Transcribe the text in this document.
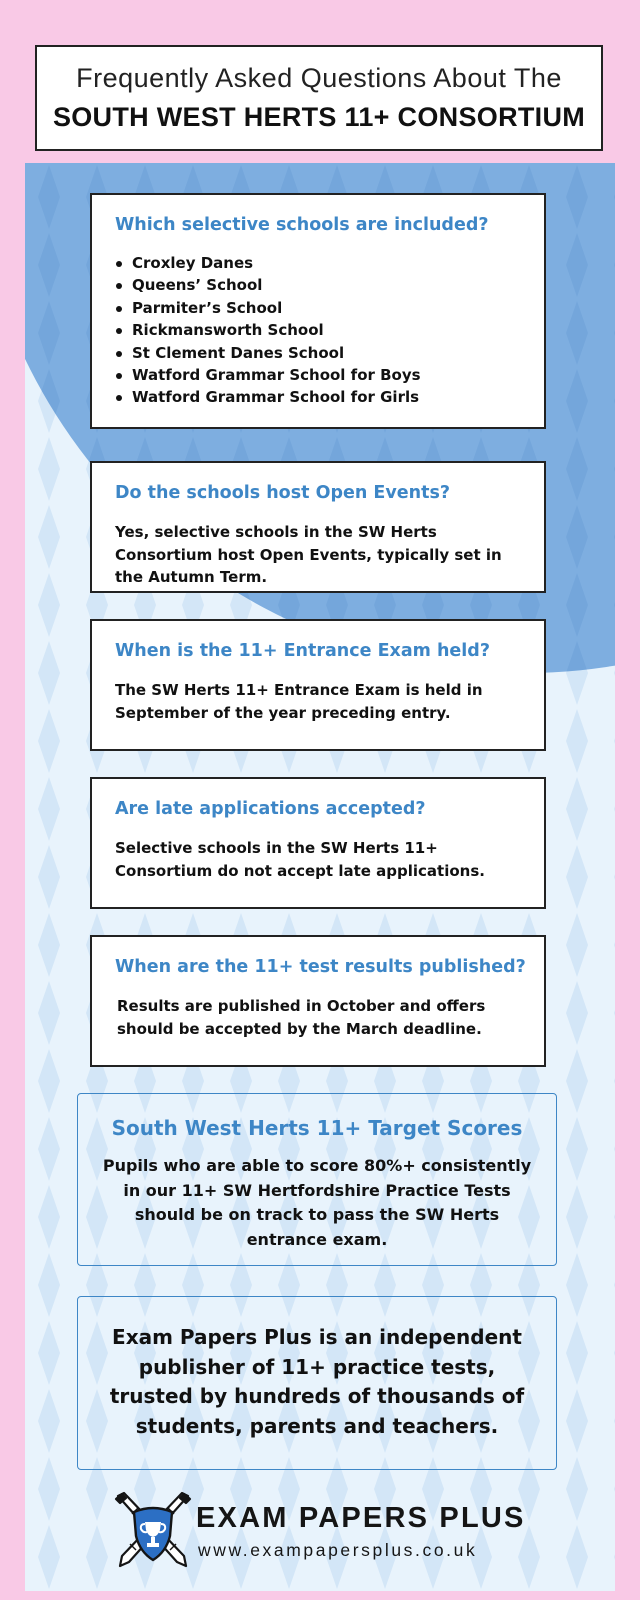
Frequently Asked Questions About The
SOUTH WEST HERTS 11+ CONSORTIUM
Which selective schools are included?
Croxley Danes
Queens’ School
Parmiter’s School
Rickmansworth School
St Clement Danes School
Watford Grammar School for Boys
Watford Grammar School for Girls
Do the schools host Open Events?

Yes, selective schools in the SW Herts Consortium host Open Events, typically set in the Autumn Term.

When is the 11+ Entrance Exam held?

The SW Herts 11+ Entrance Exam is held in September of the year preceding entry.

Are late applications accepted?

Selective schools in the SW Herts 11+ Consortium do not accept late applications.

When are the 11+ test results published?

Results are published in October and offers should be accepted by the March deadline.

South West Herts 11+ Target Scores

Pupils who are able to score 80%+ consistently in our 11+ SW Hertfordshire Practice Tests should be on track to pass the SW Herts entrance exam.

Exam Papers Plus is an independent publisher of 11+ practice tests, trusted by hundreds of thousands of students, parents and teachers.

EXAM PAPERS PLUS
www.exampapersplus.co.uk
